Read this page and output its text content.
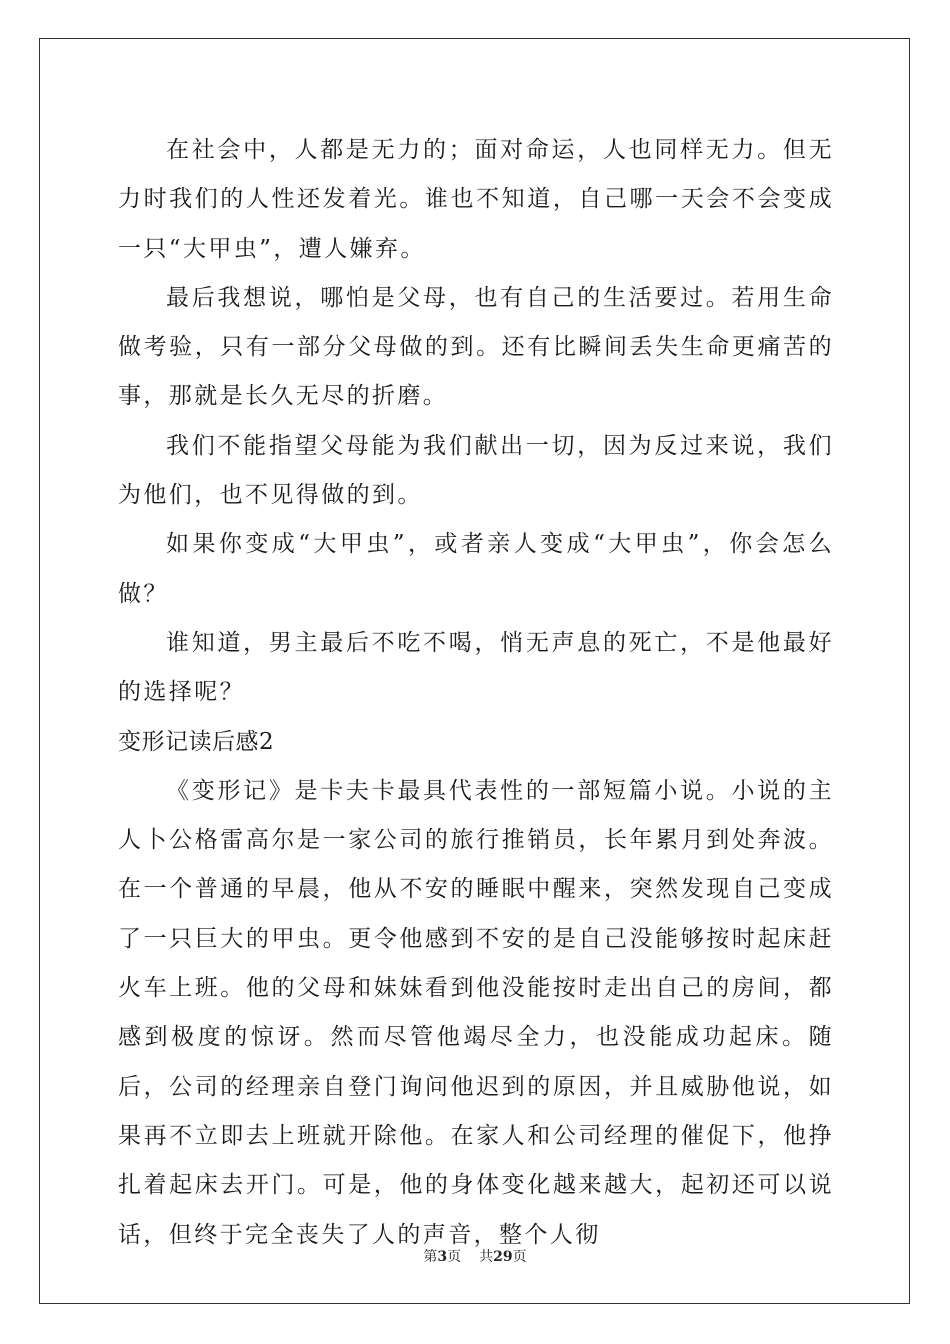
在社会中，人都是无力的；面对命运，人也同样无力。但无力时我们的人性还发着光。谁也不知道，自己哪一天会不会变成一只“大甲虫”，遭人嫌弃。

最后我想说，哪怕是父母，也有自己的生活要过。若用生命做考验，只有一部分父母做的到。还有比瞬间丢失生命更痛苦的事，那就是长久无尽的折磨。

我们不能指望父母能为我们献出一切，因为反过来说，我们为他们，也不见得做的到。

如果你变成“大甲虫”，或者亲人变成“大甲虫”，你会怎么做？

谁知道，男主最后不吃不喝，悄无声息的死亡，不是他最好的选择呢？

变形记读后感2

《变形记》是卡夫卡最具代表性的一部短篇小说。小说的主人卜公格雷高尔是一家公司的旅行推销员，长年累月到处奔波。在一个普通的早晨，他从不安的睡眠中醒来，突然发现自己变成了一只巨大的甲虫。更令他感到不安的是自己没能够按时起床赶火车上班。他的父母和妹妹看到他没能按时走出自己的房间，都感到极度的惊讶。然而尽管他竭尽全力，也没能成功起床。随后，公司的经理亲自登门询问他迟到的原因，并且威胁他说，如果再不立即去上班就开除他。在家人和公司经理的催促下，他挣扎着起床去开门。可是，他的身体变化越来越大，起初还可以说话，但终于完全丧失了人的声音，整个人彻

第3页 共29页
